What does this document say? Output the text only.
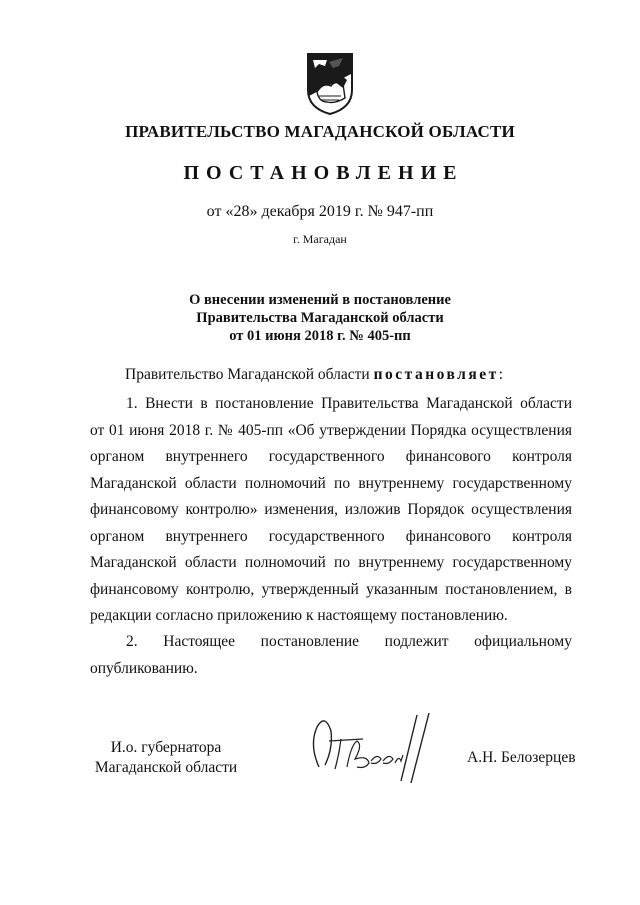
ПРАВИТЕЛЬСТВО МАГАДАНСКОЙ ОБЛАСТИ
ПОСТАНОВЛЕНИЕ
от «28» декабря 2019 г. № 947-пп
г. Магадан
О внесении изменений в постановление
Правительства Магаданской области
от 01 июня 2018 г. № 405-пп
Правительство Магаданской области постановляет:
1. Внести в постановление Правительства Магаданской области
от 01 июня 2018 г. № 405-пп «Об утверждении Порядка осуществления
органом внутреннего государственного финансового контроля
Магаданской области полномочий по внутреннему государственному
финансовому контролю» изменения, изложив Порядок осуществления
органом внутреннего государственного финансового контроля
Магаданской области полномочий по внутреннему государственному
финансовому контролю, утвержденный указанным постановлением, в
редакции согласно приложению к настоящему постановлению.
2. Настоящее постановление подлежит официальному
опубликованию.
И.о. губернатора
Магаданской области
А.Н. Белозерцев
